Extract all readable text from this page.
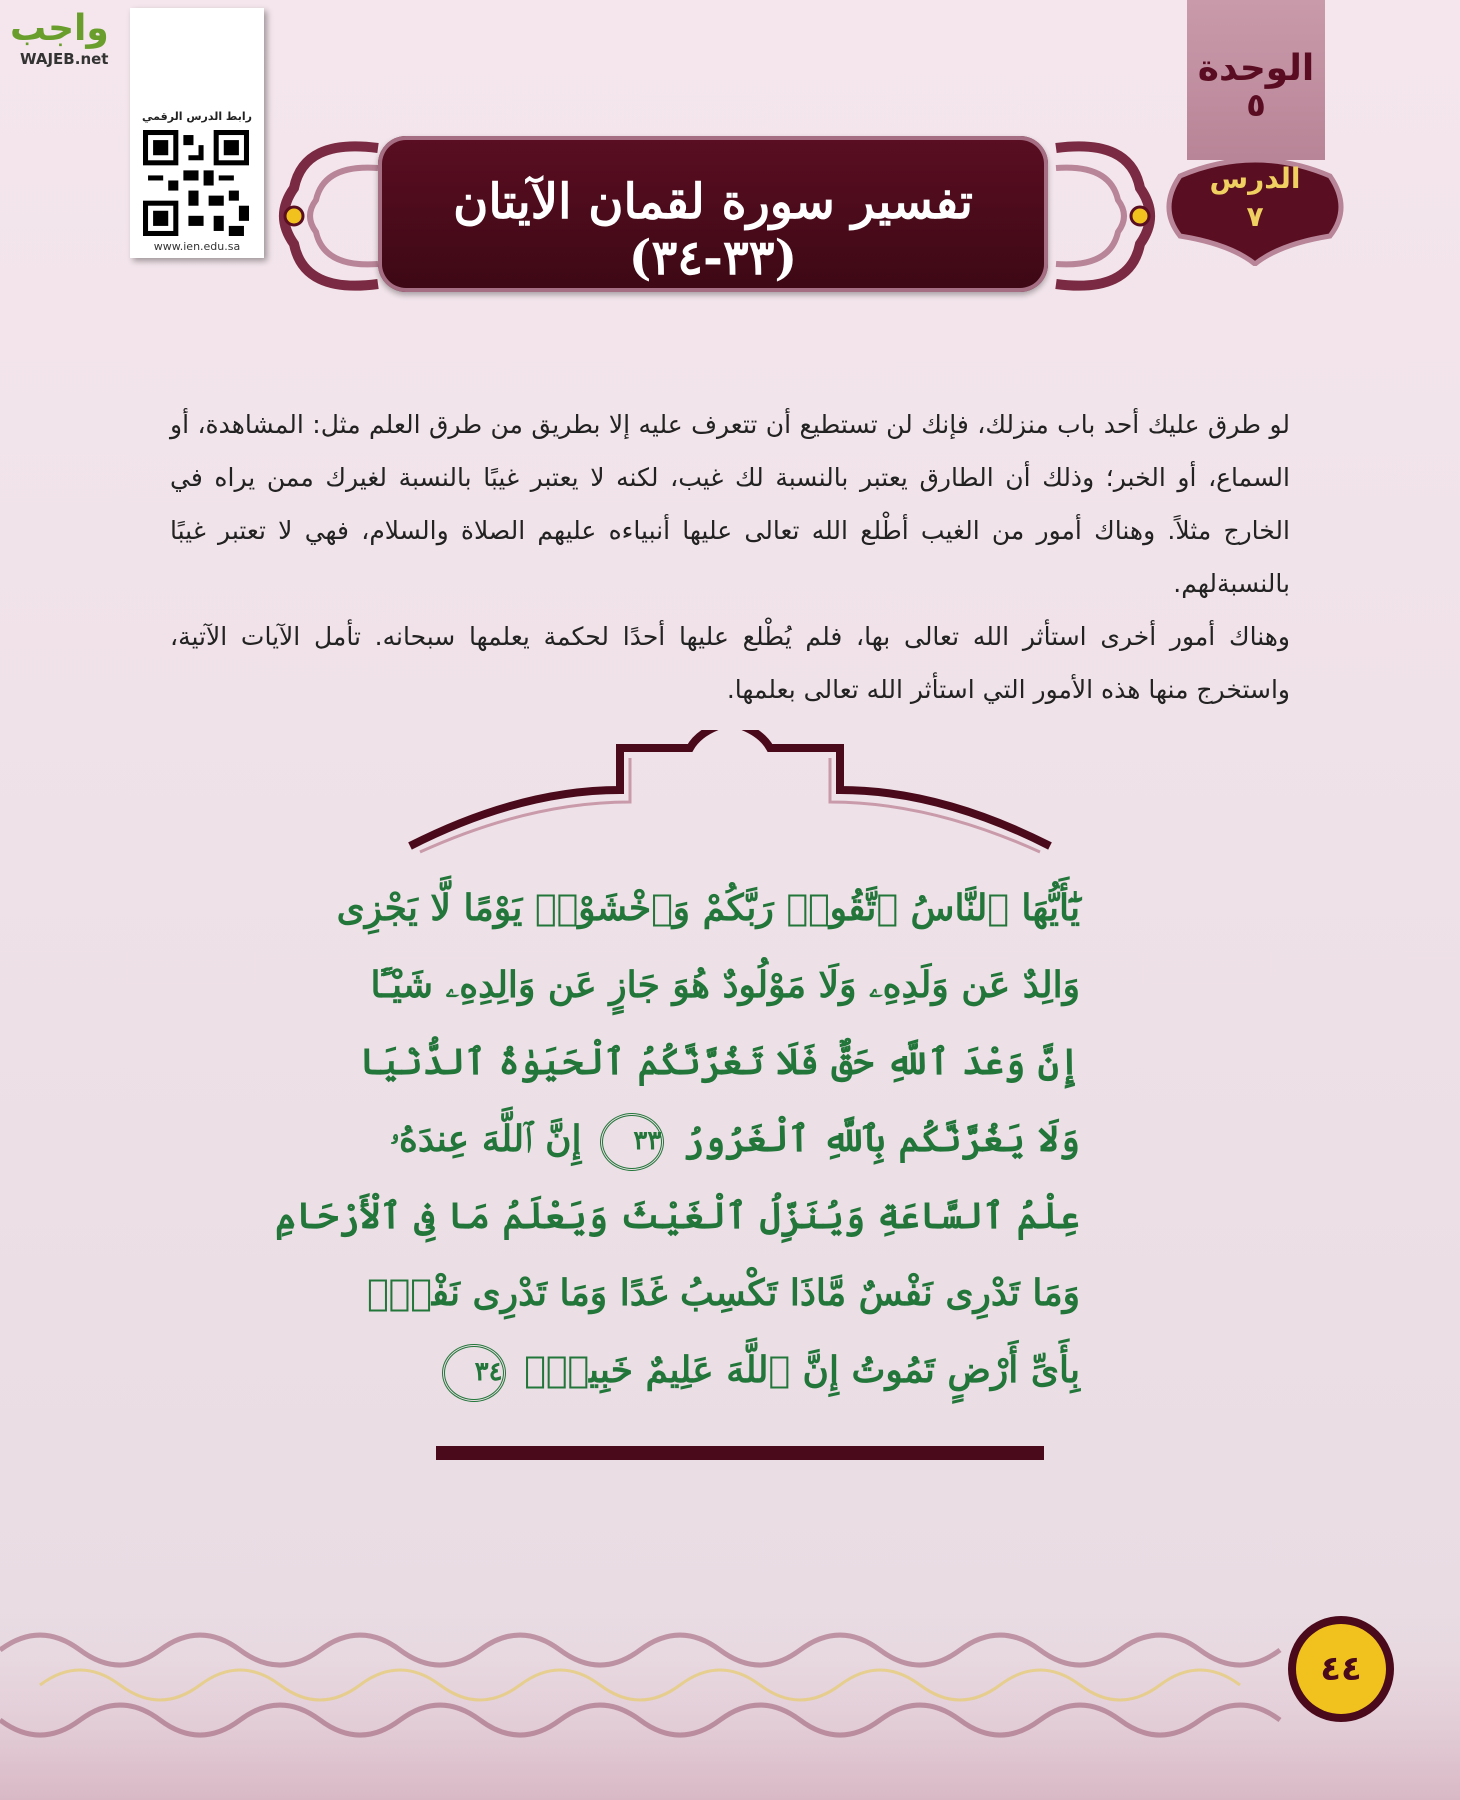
واجب
WAJEB.net
رابط الدرس الرقمي
www.ien.edu.sa
الوحدة
٥
الدرس
٧
تفسير سورة لقمان الآيتان (٣٣-٣٤)

لو طرق عليك أحد باب منزلك، فإنك لن تستطيع أن تتعرف عليه إلا بطريق من طرق العلم مثل: المشاهدة، أو السماع، أو الخبر؛ وذلك أن الطارق يعتبر بالنسبة لك غيب، لكنه لا يعتبر غيبًا بالنسبة لغيرك ممن يراه في الخارج مثلاً. وهناك أمور من الغيب أطْلع الله تعالى عليها أنبياءه عليهم الصلاة والسلام، فهي لا تعتبر غيبًا بالنسبةلهم.

وهناك أمور أخرى استأثر الله تعالى بها، فلم يُطْلع عليها أحدًا لحكمة يعلمها سبحانه. تأمل الآيات الآتية، واستخرج منها هذه الأمور التي استأثر الله تعالى بعلمها.

يَٰٓأَيُّهَا ٱلنَّاسُ ٱتَّقُوا۟ رَبَّكُمْ وَٱخْشَوْا۟ يَوْمًا لَّا يَجْزِى
وَالِدٌ عَن وَلَدِهِۦ وَلَا مَوْلُودٌ هُوَ جَازٍ عَن وَالِدِهِۦ شَيْـًٔا
إِنَّ وَعْدَ ٱللَّهِ حَقٌّ فَلَا تَغُرَّنَّكُمُ ٱلْحَيَوٰةُ ٱلدُّنْيَا
وَلَا يَغُرَّنَّكُم بِٱللَّهِ ٱلْغَرُورُ ٣٣ إِنَّ ٱللَّهَ عِندَهُۥ
عِلْمُ ٱلسَّاعَةِ وَيُنَزِّلُ ٱلْغَيْثَ وَيَعْلَمُ مَا فِى ٱلْأَرْحَامِ
وَمَا تَدْرِى نَفْسٌ مَّاذَا تَكْسِبُ غَدًا وَمَا تَدْرِى نَفْسٌۢ
بِأَىِّ أَرْضٍ تَمُوتُ إِنَّ ٱللَّهَ عَلِيمٌ خَبِيرٌۢ ٣٤
٤٤
